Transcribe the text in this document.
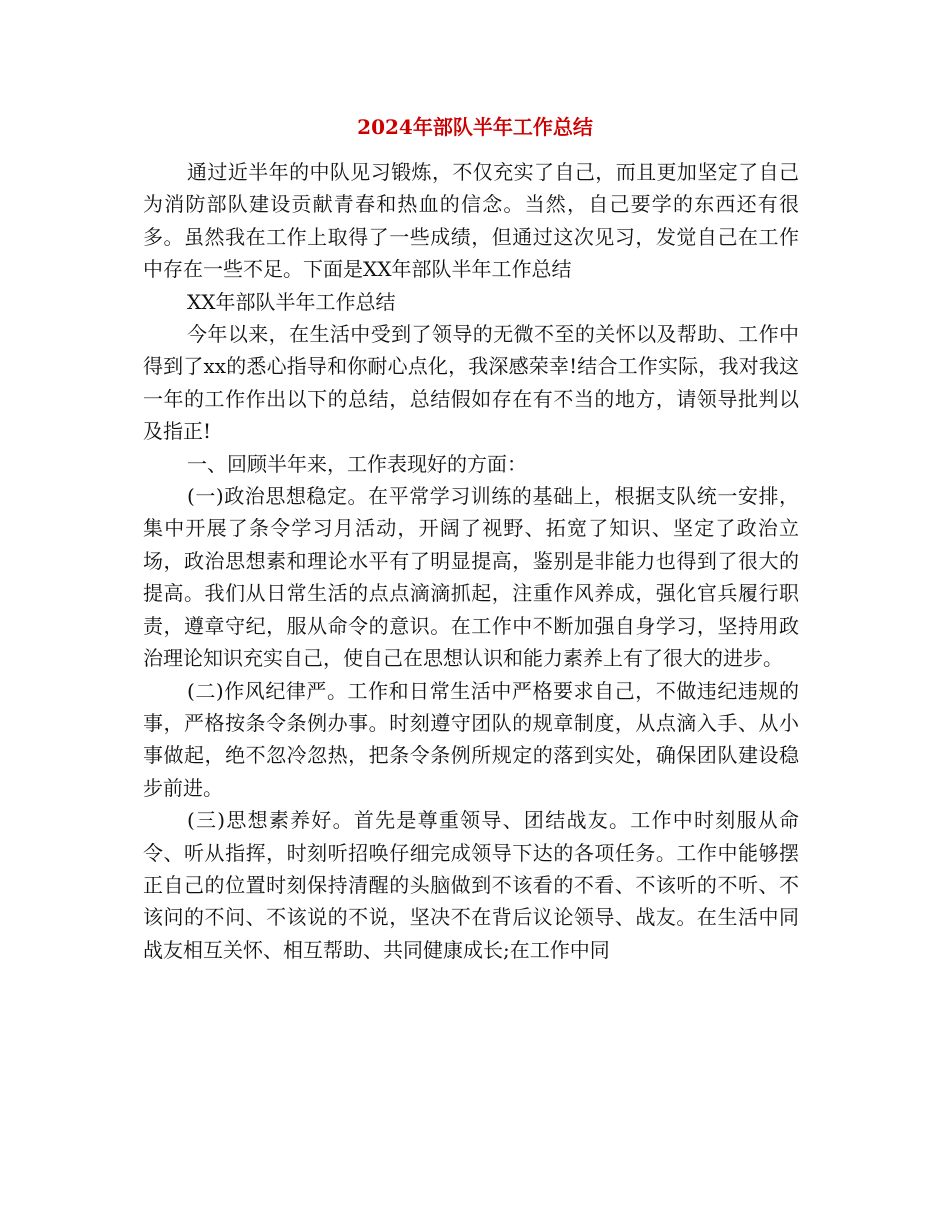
2024年部队半年工作总结

通过近半年的中队见习锻炼，不仅充实了自己，而且更加坚定了自己为消防部队建设贡献青春和热血的信念。当然，自己要学的东西还有很多。虽然我在工作上取得了一些成绩，但通过这次见习，发觉自己在工作中存在一些不足。下面是XX年部队半年工作总结

XX年部队半年工作总结

今年以来，在生活中受到了领导的无微不至的关怀以及帮助、工作中得到了xx的悉心指导和你耐心点化，我深感荣幸!结合工作实际，我对我这一年的工作作出以下的总结，总结假如存在有不当的地方，请领导批判以及指正!

一、回顾半年来，工作表现好的方面：

(一)政治思想稳定。在平常学习训练的基础上，根据支队统一安排，集中开展了条令学习月活动，开阔了视野、拓宽了知识、坚定了政治立场，政治思想素和理论水平有了明显提高，鉴别是非能力也得到了很大的提高。我们从日常生活的点点滴滴抓起，注重作风养成，强化官兵履行职责，遵章守纪，服从命令的意识。在工作中不断加强自身学习，坚持用政治理论知识充实自己，使自己在思想认识和能力素养上有了很大的进步。

(二)作风纪律严。工作和日常生活中严格要求自己，不做违纪违规的事，严格按条令条例办事。时刻遵守团队的规章制度，从点滴入手、从小事做起，绝不忽冷忽热，把条令条例所规定的落到实处，确保团队建设稳步前进。

(三)思想素养好。首先是尊重领导、团结战友。工作中时刻服从命令、听从指挥，时刻听招唤仔细完成领导下达的各项任务。工作中能够摆正自己的位置时刻保持清醒的头脑做到不该看的不看、不该听的不听、不该问的不问、不该说的不说，坚决不在背后议论领导、战友。在生活中同战友相互关怀、相互帮助、共同健康成长;在工作中同
